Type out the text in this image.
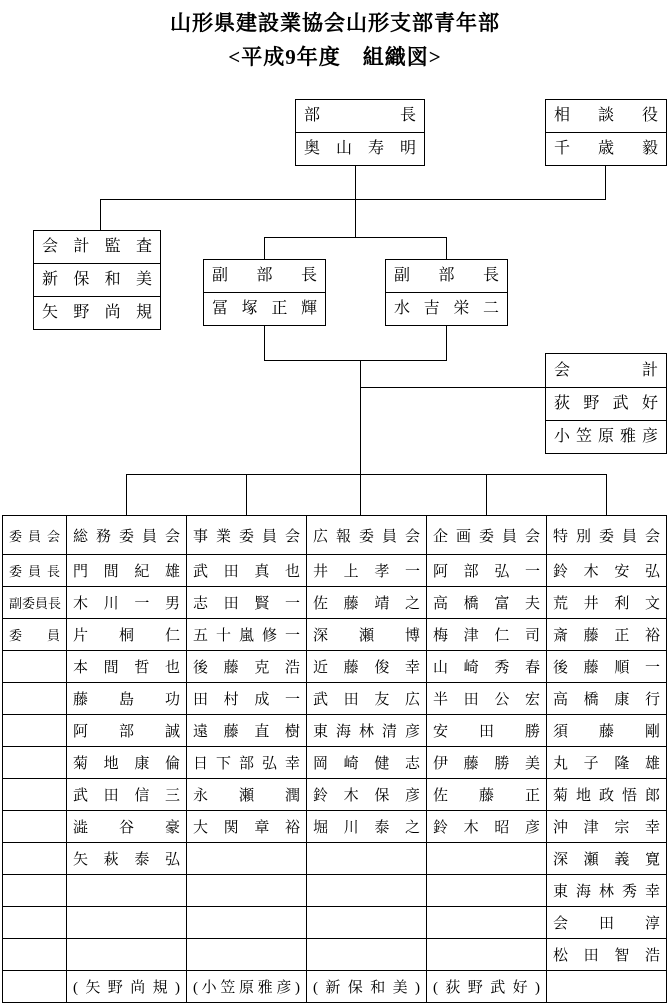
山形県建設業協会山形支部青年部
<平成9年度　組織図>
部長
奥山寿明
相談役
千歳毅
会計監査
新保和美
矢野尚規
副部長
冨塚正輝
副部長
水吉栄二
会計
荻野武好
小笠原雅彦
委員会	総務委員会	事業委員会	広報委員会	企画委員会	特別委員会
委員長	門間紀雄	武田真也	井上孝一	阿部弘一	鈴木安弘
副委員長	木川一男	志田賢一	佐藤靖之	高橋富夫	荒井利文
委員	片桐仁	五十嵐修一	深瀬博	梅津仁司	斎藤正裕
	本間哲也	後藤克浩	近藤俊幸	山崎秀春	後藤順一
	藤島功	田村成一	武田友広	半田公宏	高橋康行
	阿部誠	遠藤直樹	東海林清彦	安田勝	須藤剛
	菊地康倫	日下部弘幸	岡崎健志	伊藤勝美	丸子隆雄
	武田信三	永瀬潤	鈴木保彦	佐藤正	菊地政悟郎
	澁谷豪	大関章裕	堀川泰之	鈴木昭彦	沖津宗幸
	矢萩泰弘				深瀬義寛
					東海林秀幸
					会田淳
					松田智浩
	(矢野尚規)	(小笠原雅彦)	(新保和美)	(荻野武好)	
